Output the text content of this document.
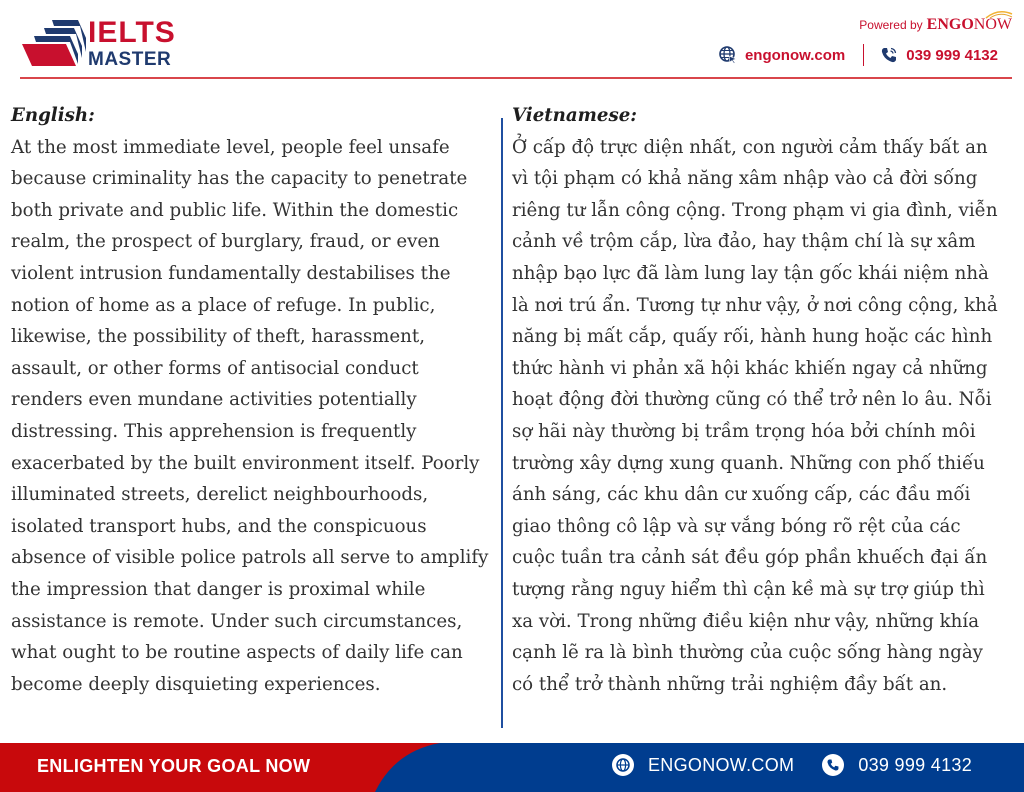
IELTS
MASTER
Powered by ENGONOW
engonow.com	039 999 4132
English:
At the most immediate level, people feel unsafe
because criminality has the capacity to penetrate
both private and public life. Within the domestic
realm, the prospect of burglary, fraud, or even
violent intrusion fundamentally destabilises the
notion of home as a place of refuge. In public,
likewise, the possibility of theft, harassment,
assault, or other forms of antisocial conduct
renders even mundane activities potentially
distressing. This apprehension is frequently
exacerbated by the built environment itself. Poorly
illuminated streets, derelict neighbourhoods,
isolated transport hubs, and the conspicuous
absence of visible police patrols all serve to amplify
the impression that danger is proximal while
assistance is remote. Under such circumstances,
what ought to be routine aspects of daily life can
become deeply disquieting experiences.
Vietnamese:
Ở cấp độ trực diện nhất, con người cảm thấy bất an
vì tội phạm có khả năng xâm nhập vào cả đời sống
riêng tư lẫn công cộng. Trong phạm vi gia đình, viễn
cảnh về trộm cắp, lừa đảo, hay thậm chí là sự xâm
nhập bạo lực đã làm lung lay tận gốc khái niệm nhà
là nơi trú ẩn. Tương tự như vậy, ở nơi công cộng, khả
năng bị mất cắp, quấy rối, hành hung hoặc các hình
thức hành vi phản xã hội khác khiến ngay cả những
hoạt động đời thường cũng có thể trở nên lo âu. Nỗi
sợ hãi này thường bị trầm trọng hóa bởi chính môi
trường xây dựng xung quanh. Những con phố thiếu
ánh sáng, các khu dân cư xuống cấp, các đầu mối
giao thông cô lập và sự vắng bóng rõ rệt của các
cuộc tuần tra cảnh sát đều góp phần khuếch đại ấn
tượng rằng nguy hiểm thì cận kề mà sự trợ giúp thì
xa vời. Trong những điều kiện như vậy, những khía
cạnh lẽ ra là bình thường của cuộc sống hàng ngày
có thể trở thành những trải nghiệm đầy bất an.
ENLIGHTEN YOUR GOAL NOW	ENGONOW.COM	039 999 4132
